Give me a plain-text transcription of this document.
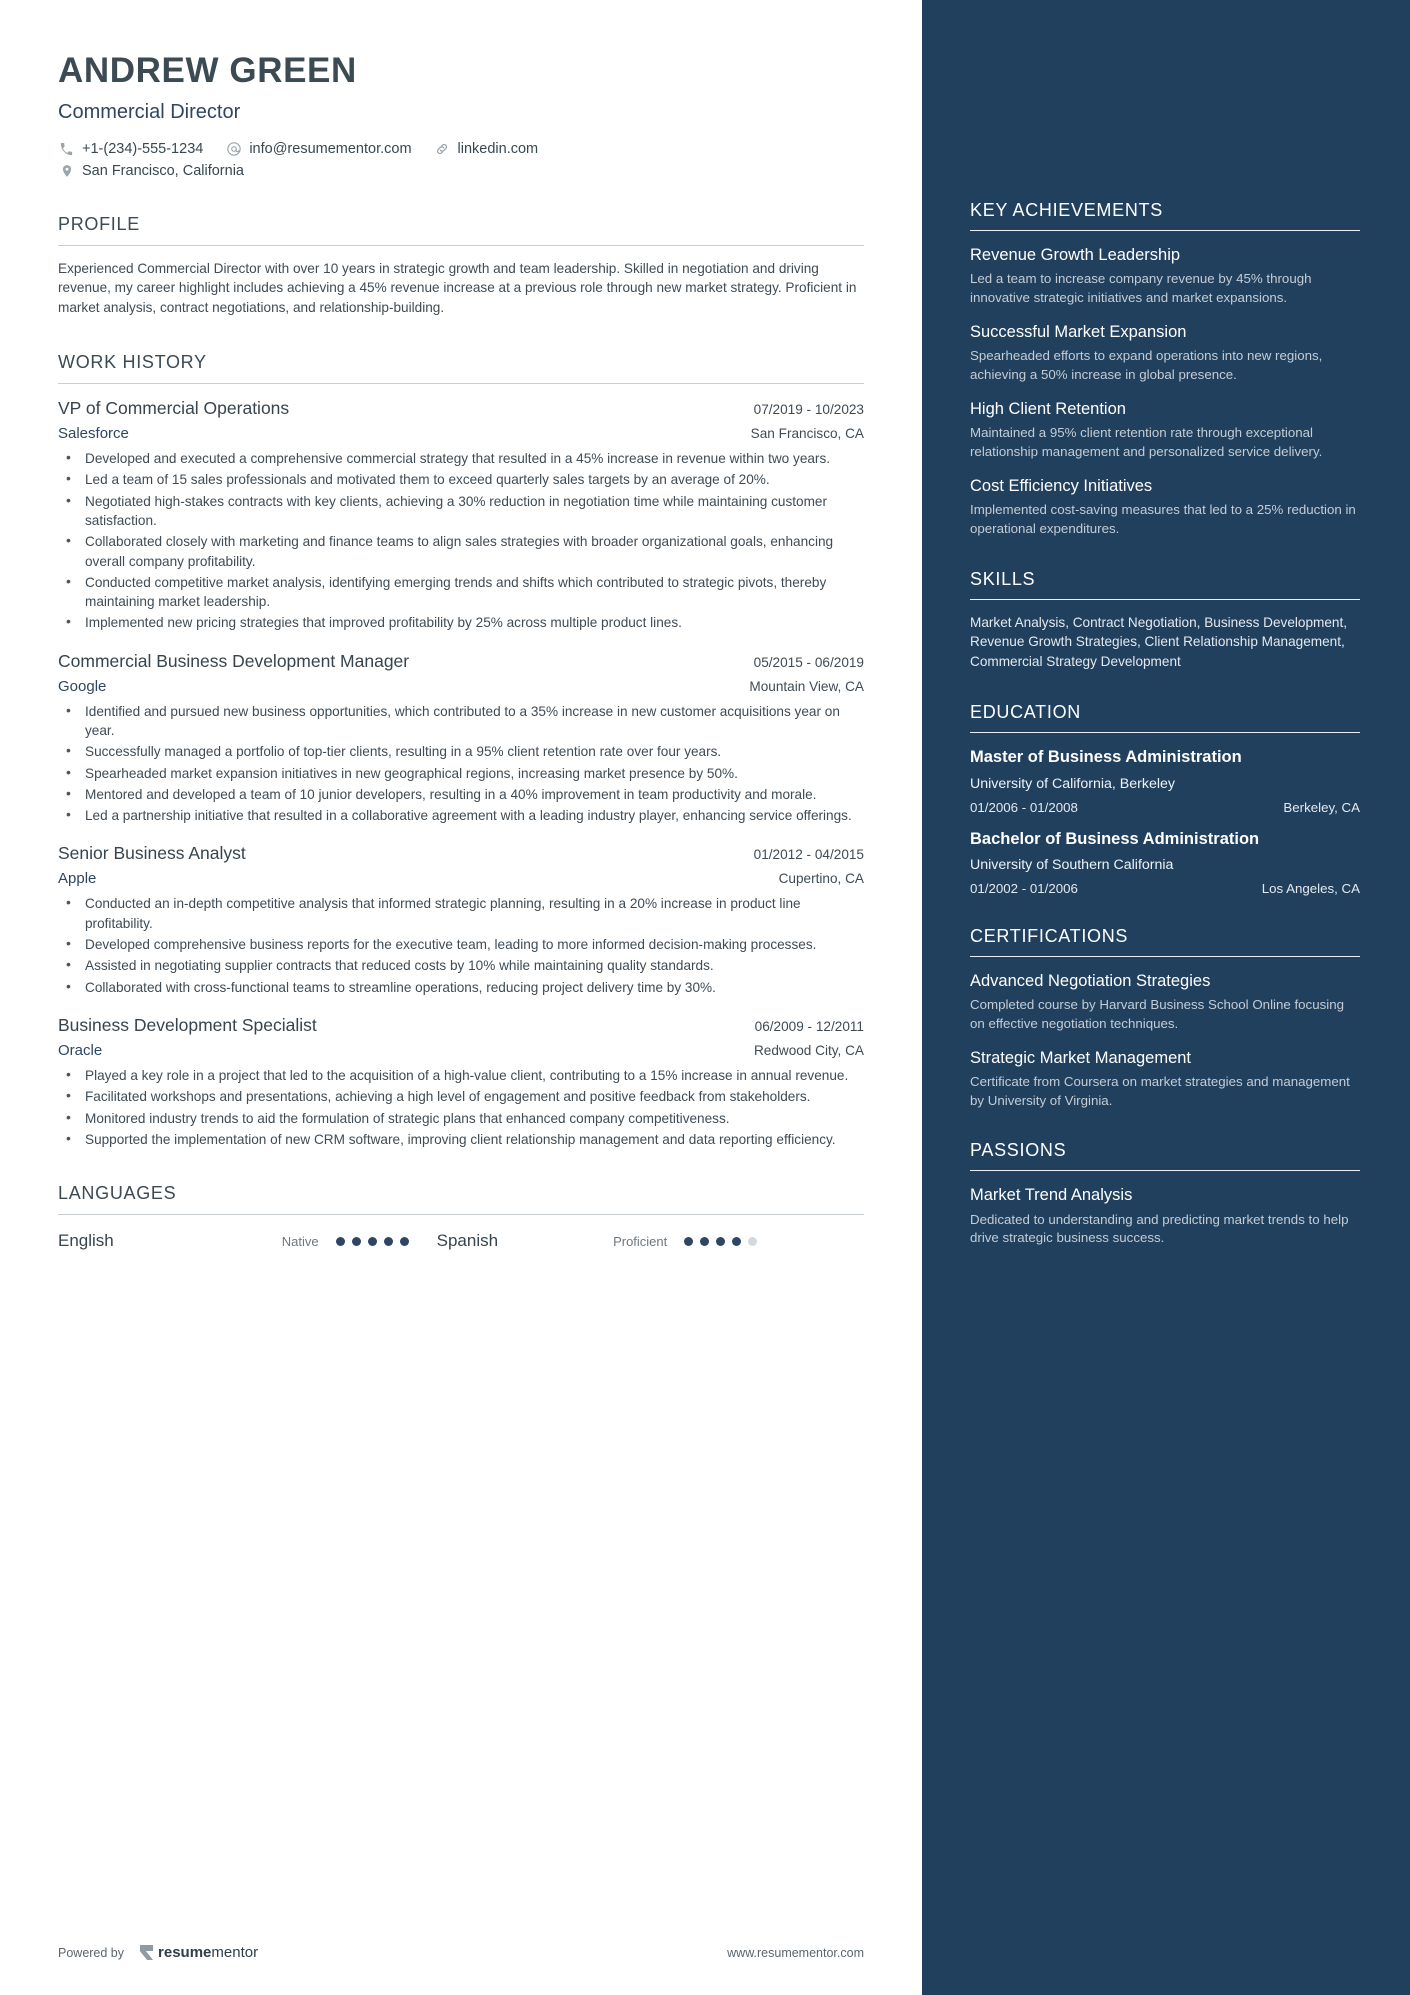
ANDREW GREEN
Commercial Director
+1-(234)-555-1234	info@resumementor.com	linkedin.com
San Francisco, California
PROFILE
Experienced Commercial Director with over 10 years in strategic growth and team leadership. Skilled in negotiation and driving revenue, my career highlight includes achieving a 45% revenue increase at a previous role through new market strategy. Proficient in market analysis, contract negotiations, and relationship-building.
WORK HISTORY
VP of Commercial Operations	07/2019 - 10/2023
Salesforce	San Francisco, CA
• Developed and executed a comprehensive commercial strategy that resulted in a 45% increase in revenue within two years.
• Led a team of 15 sales professionals and motivated them to exceed quarterly sales targets by an average of 20%.
• Negotiated high-stakes contracts with key clients, achieving a 30% reduction in negotiation time while maintaining customer satisfaction.
• Collaborated closely with marketing and finance teams to align sales strategies with broader organizational goals, enhancing overall company profitability.
• Conducted competitive market analysis, identifying emerging trends and shifts which contributed to strategic pivots, thereby maintaining market leadership.
• Implemented new pricing strategies that improved profitability by 25% across multiple product lines.
Commercial Business Development Manager	05/2015 - 06/2019
Google	Mountain View, CA
• Identified and pursued new business opportunities, which contributed to a 35% increase in new customer acquisitions year on year.
• Successfully managed a portfolio of top-tier clients, resulting in a 95% client retention rate over four years.
• Spearheaded market expansion initiatives in new geographical regions, increasing market presence by 50%.
• Mentored and developed a team of 10 junior developers, resulting in a 40% improvement in team productivity and morale.
• Led a partnership initiative that resulted in a collaborative agreement with a leading industry player, enhancing service offerings.
Senior Business Analyst	01/2012 - 04/2015
Apple	Cupertino, CA
• Conducted an in-depth competitive analysis that informed strategic planning, resulting in a 20% increase in product line profitability.
• Developed comprehensive business reports for the executive team, leading to more informed decision-making processes.
• Assisted in negotiating supplier contracts that reduced costs by 10% while maintaining quality standards.
• Collaborated with cross-functional teams to streamline operations, reducing project delivery time by 30%.
Business Development Specialist	06/2009 - 12/2011
Oracle	Redwood City, CA
• Played a key role in a project that led to the acquisition of a high-value client, contributing to a 15% increase in annual revenue.
• Facilitated workshops and presentations, achieving a high level of engagement and positive feedback from stakeholders.
• Monitored industry trends to aid the formulation of strategic plans that enhanced company competitiveness.
• Supported the implementation of new CRM software, improving client relationship management and data reporting efficiency.
LANGUAGES
English	Native	Spanish	Proficient
Powered by resume mentor	www.resumementor.com
KEY ACHIEVEMENTS
Revenue Growth Leadership
Led a team to increase company revenue by 45% through innovative strategic initiatives and market expansions.
Successful Market Expansion
Spearheaded efforts to expand operations into new regions, achieving a 50% increase in global presence.
High Client Retention
Maintained a 95% client retention rate through exceptional relationship management and personalized service delivery.
Cost Efficiency Initiatives
Implemented cost-saving measures that led to a 25% reduction in operational expenditures.
SKILLS
Market Analysis, Contract Negotiation, Business Development, Revenue Growth Strategies, Client Relationship Management, Commercial Strategy Development
EDUCATION
Master of Business Administration
University of California, Berkeley
01/2006 - 01/2008	Berkeley, CA
Bachelor of Business Administration
University of Southern California
01/2002 - 01/2006	Los Angeles, CA
CERTIFICATIONS
Advanced Negotiation Strategies
Completed course by Harvard Business School Online focusing on effective negotiation techniques.
Strategic Market Management
Certificate from Coursera on market strategies and management by University of Virginia.
PASSIONS
Market Trend Analysis
Dedicated to understanding and predicting market trends to help drive strategic business success.
